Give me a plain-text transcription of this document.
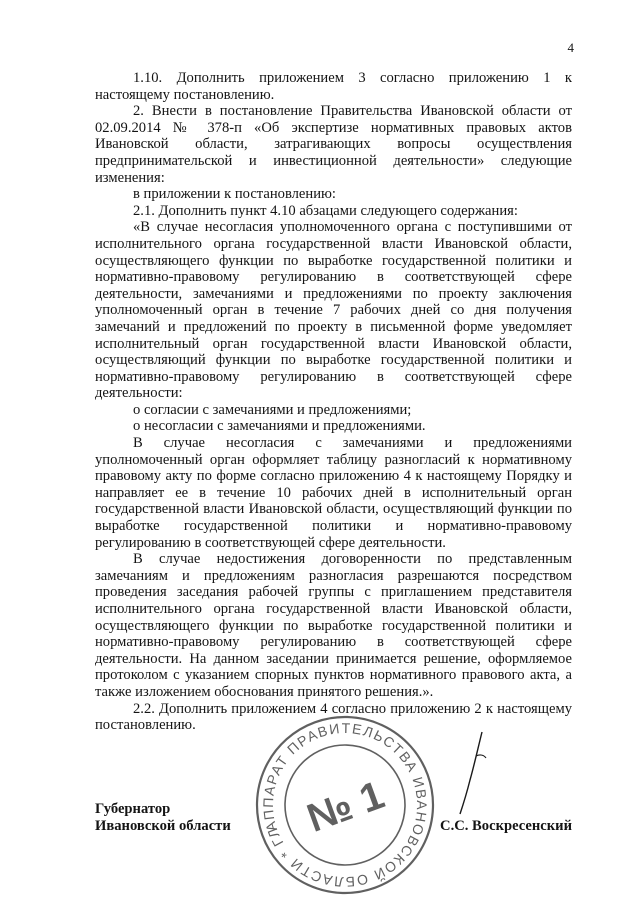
4

1.10. Дополнить приложением 3 согласно приложению 1 к настоящему постановлению.

2. Внести в постановление Правительства Ивановской области от 02.09.2014 № 378-п «Об экспертизе нормативных правовых актов Ивановской области, затрагивающих вопросы осуществления предпринимательской и инвестиционной деятельности» следующие изменения:

в приложении к постановлению:

2.1. Дополнить пункт 4.10 абзацами следующего содержания:

«В случае несогласия уполномоченного органа с поступившими от исполнительного органа государственной власти Ивановской области, осуществляющего функции по выработке государственной политики и нормативно-правовому регулированию в соответствующей сфере деятельности, замечаниями и предложениями по проекту заключения уполномоченный орган в течение 7 рабочих дней со дня получения замечаний и предложений по проекту в письменной форме уведомляет исполнительный орган государственной власти Ивановской области, осуществляющий функции по выработке государственной политики и нормативно-правовому регулированию в соответствующей сфере деятельности:

о согласии с замечаниями и предложениями;

о несогласии с замечаниями и предложениями.

В случае несогласия с замечаниями и предложениями уполномоченный орган оформляет таблицу разногласий к нормативному правовому акту по форме согласно приложению 4 к настоящему Порядку и направляет ее в течение 10 рабочих дней в исполнительный орган государственной власти Ивановской области, осуществляющий функции по выработке государственной политики и нормативно-правовому регулированию в соответствующей сфере деятельности.

В случае недостижения договоренности по представленным замечаниям и предложениям разногласия разрешаются посредством проведения заседания рабочей группы с приглашением представителя исполнительного органа государственной власти Ивановской области, осуществляющего функции по выработке государственной политики и нормативно-правовому регулированию в соответствующей сфере деятельности. На данном заседании принимается решение, оформляемое протоколом с указанием спорных пунктов нормативного правового акта, а также изложением обоснования принятого решения.».

2.2. Дополнить приложением 4 согласно приложению 2 к настоящему постановлению.

Губернатор
Ивановской области	С.С. Воскресенский
АППАРАТ ПРАВИТЕЛЬСТВА ИВАНОВСКОЙ ОБЛАСТИ * ГЛАВНОЕ
№ 1
